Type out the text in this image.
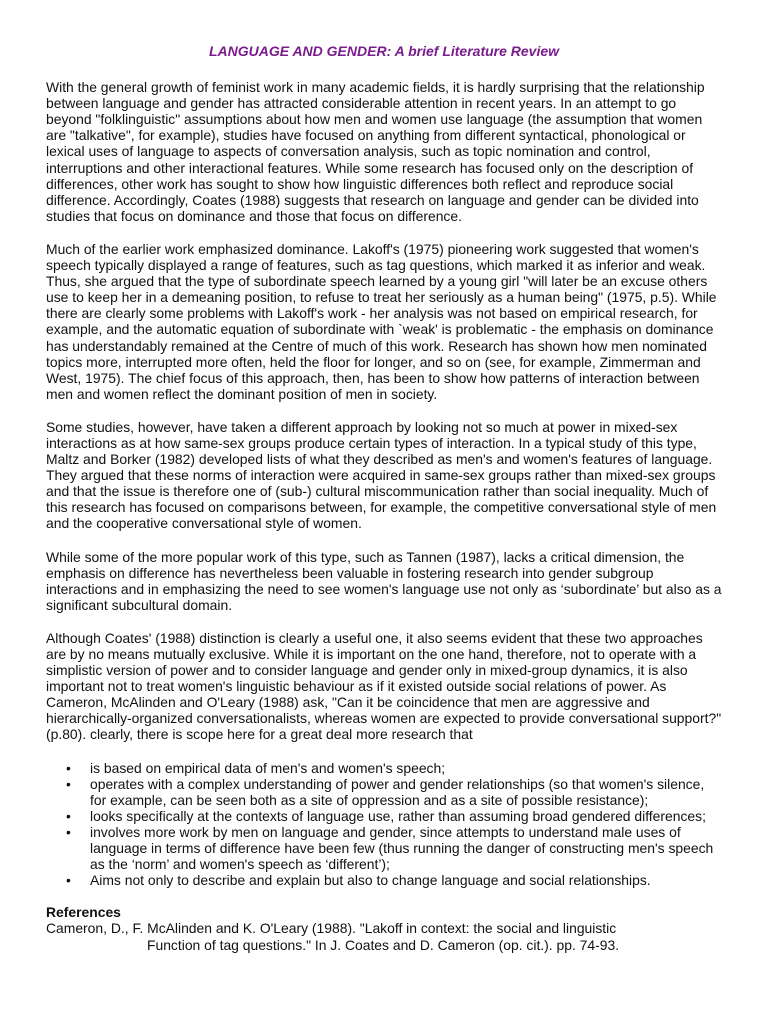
LANGUAGE AND GENDER: A brief Literature Review

With the general growth of feminist work in many academic fields, it is hardly surprising that the relationship between language and gender has attracted considerable attention in recent years. In an attempt to go beyond "folklinguistic" assumptions about how men and women use language (the assumption that women are "talkative", for example), studies have focused on anything from different syntactical, phonological or lexical uses of language to aspects of conversation analysis, such as topic nomination and control, interruptions and other interactional features. While some research has focused only on the description of differences, other work has sought to show how linguistic differences both reflect and reproduce social difference. Accordingly, Coates (1988) suggests that research on language and gender can be divided into studies that focus on dominance and those that focus on difference.

Much of the earlier work emphasized dominance. Lakoff's (1975) pioneering work suggested that women's speech typically displayed a range of features, such as tag questions, which marked it as inferior and weak. Thus, she argued that the type of subordinate speech learned by a young girl "will later be an excuse others use to keep her in a demeaning position, to refuse to treat her seriously as a human being" (1975, p.5). While there are clearly some problems with Lakoff's work - her analysis was not based on empirical research, for example, and the automatic equation of subordinate with `weak' is problematic - the emphasis on dominance has understandably remained at the Centre of much of this work. Research has shown how men nominated topics more, interrupted more often, held the floor for longer, and so on (see, for example, Zimmerman and West, 1975). The chief focus of this approach, then, has been to show how patterns of interaction between men and women reflect the dominant position of men in society.

Some studies, however, have taken a different approach by looking not so much at power in mixed-sex interactions as at how same-sex groups produce certain types of interaction. In a typical study of this type, Maltz and Borker (1982) developed lists of what they described as men's and women's features of language. They argued that these norms of interaction were acquired in same-sex groups rather than mixed-sex groups and that the issue is therefore one of (sub-) cultural miscommunication rather than social inequality. Much of this research has focused on comparisons between, for example, the competitive conversational style of men and the cooperative conversational style of women.

While some of the more popular work of this type, such as Tannen (1987), lacks a critical dimension, the emphasis on difference has nevertheless been valuable in fostering research into gender subgroup interactions and in emphasizing the need to see women's language use not only as ‘subordinate’ but also as a significant subcultural domain.

Although Coates' (1988) distinction is clearly a useful one, it also seems evident that these two approaches are by no means mutually exclusive. While it is important on the one hand, therefore, not to operate with a simplistic version of power and to consider language and gender only in mixed-group dynamics, it is also important not to treat women's linguistic behaviour as if it existed outside social relations of power. As Cameron, McAlinden and O'Leary (1988) ask, "Can it be coincidence that men are aggressive and hierarchically-organized conversationalists, whereas women are expected to provide conversational support?" (p.80). clearly, there is scope here for a great deal more research that

• is based on empirical data of men's and women's speech;
• operates with a complex understanding of power and gender relationships (so that women's silence, for example, can be seen both as a site of oppression and as a site of possible resistance);
• looks specifically at the contexts of language use, rather than assuming broad gendered differences;
• involves more work by men on language and gender, since attempts to understand male uses of language in terms of difference have been few (thus running the danger of constructing men's speech as the ‘norm’ and women's speech as ‘different’);
• Aims not only to describe and explain but also to change language and social relationships.
References
Cameron, D., F. McAlinden and K. O'Leary (1988). "Lakoff in context: the social and linguistic
Function of tag questions." In J. Coates and D. Cameron (op. cit.). pp. 74-93.
